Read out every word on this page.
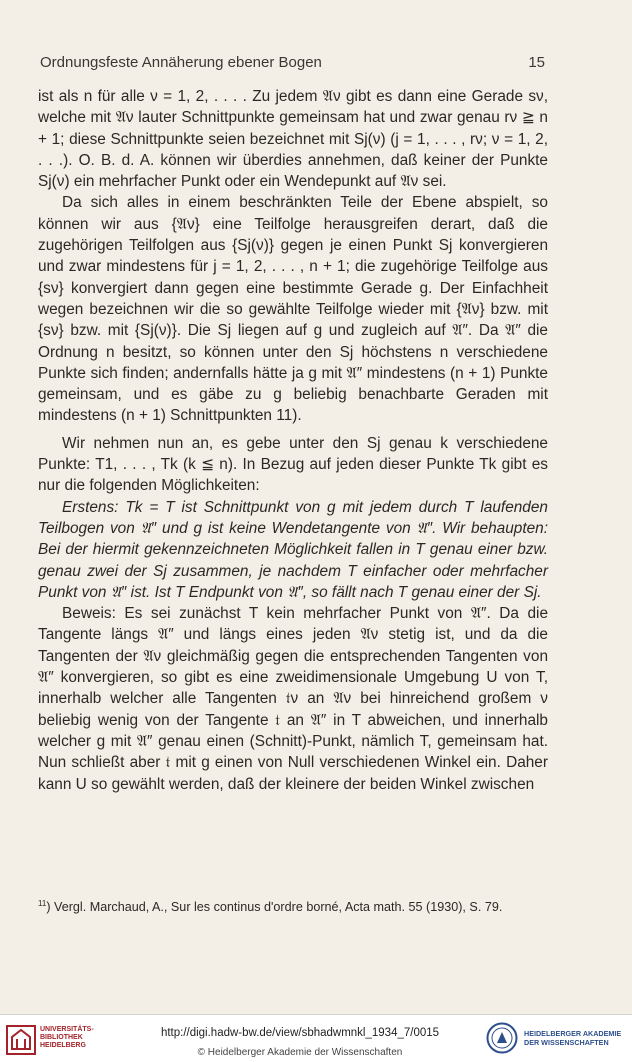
Ordnungsfeste Annäherung ebener Bogen	15

ist als n für alle ν = 1, 2, . . . . Zu jedem 𝔄ν gibt es dann eine Gerade sν, welche mit 𝔄ν lauter Schnittpunkte gemeinsam hat und zwar genau rν ≧ n + 1; diese Schnittpunkte seien bezeichnet mit Sj(ν) (j = 1, . . . , rν; ν = 1, 2, . . .). O. B. d. A. können wir überdies annehmen, daß keiner der Punkte Sj(ν) ein mehrfacher Punkt oder ein Wendepunkt auf 𝔄ν sei.

Da sich alles in einem beschränkten Teile der Ebene abspielt, so können wir aus {𝔄ν} eine Teilfolge herausgreifen derart, daß die zugehörigen Teilfolgen aus {Sj(ν)} gegen je einen Punkt Sj konvergieren und zwar mindestens für j = 1, 2, . . . , n + 1; die zugehörige Teilfolge aus {sν} konvergiert dann gegen eine bestimmte Gerade g. Der Einfachheit wegen bezeichnen wir die so gewählte Teilfolge wieder mit {𝔄ν} bzw. mit {sν} bzw. mit {Sj(ν)}. Die Sj liegen auf g und zugleich auf 𝔄″. Da 𝔄″ die Ordnung n besitzt, so können unter den Sj höchstens n verschiedene Punkte sich finden; andernfalls hätte ja g mit 𝔄″ mindestens (n + 1) Punkte gemeinsam, und es gäbe zu g beliebig benachbarte Geraden mit mindestens (n + 1) Schnittpunkten 11).

Wir nehmen nun an, es gebe unter den Sj genau k verschiedene Punkte: T1, . . . , Tk (k ≦ n). In Bezug auf jeden dieser Punkte Tk gibt es nur die folgenden Möglichkeiten:

Erstens: Tk = T ist Schnittpunkt von g mit jedem durch T laufenden Teilbogen von 𝔄″ und g ist keine Wendetangente von 𝔄″. Wir behaupten: Bei der hiermit gekennzeichneten Möglichkeit fallen in T genau einer bzw. genau zwei der Sj zusammen, je nachdem T einfacher oder mehrfacher Punkt von 𝔄″ ist. Ist T Endpunkt von 𝔄″, so fällt nach T genau einer der Sj.

Beweis: Es sei zunächst T kein mehrfacher Punkt von 𝔄″. Da die Tangente längs 𝔄″ und längs eines jeden 𝔄ν stetig ist, und da die Tangenten der 𝔄ν gleichmäßig gegen die entsprechenden Tangenten von 𝔄″ konvergieren, so gibt es eine zweidimensionale Umgebung U von T, innerhalb welcher alle Tangenten 𝔱ν an 𝔄ν bei hinreichend großem ν beliebig wenig von der Tangente 𝔱 an 𝔄″ in T abweichen, und innerhalb welcher g mit 𝔄″ genau einen (Schnitt)-Punkt, nämlich T, gemeinsam hat. Nun schließt aber 𝔱 mit g einen von Null verschiedenen Winkel ein. Daher kann U so gewählt werden, daß der kleinere der beiden Winkel zwischen

$^{11}$) Vergl. Marchaud, A., Sur les continus d'ordre borné, Acta math. 55 (1930), S. 79.
UNIVERSITÄTS-
BIBLIOTHEK
HEIDELBERG
http://digi.hadw-bw.de/view/sbhadwmnkl_1934_7/0015
© Heidelberger Akademie der Wissenschaften
HEIDELBERGER AKADEMIE
DER WISSENSCHAFTEN
